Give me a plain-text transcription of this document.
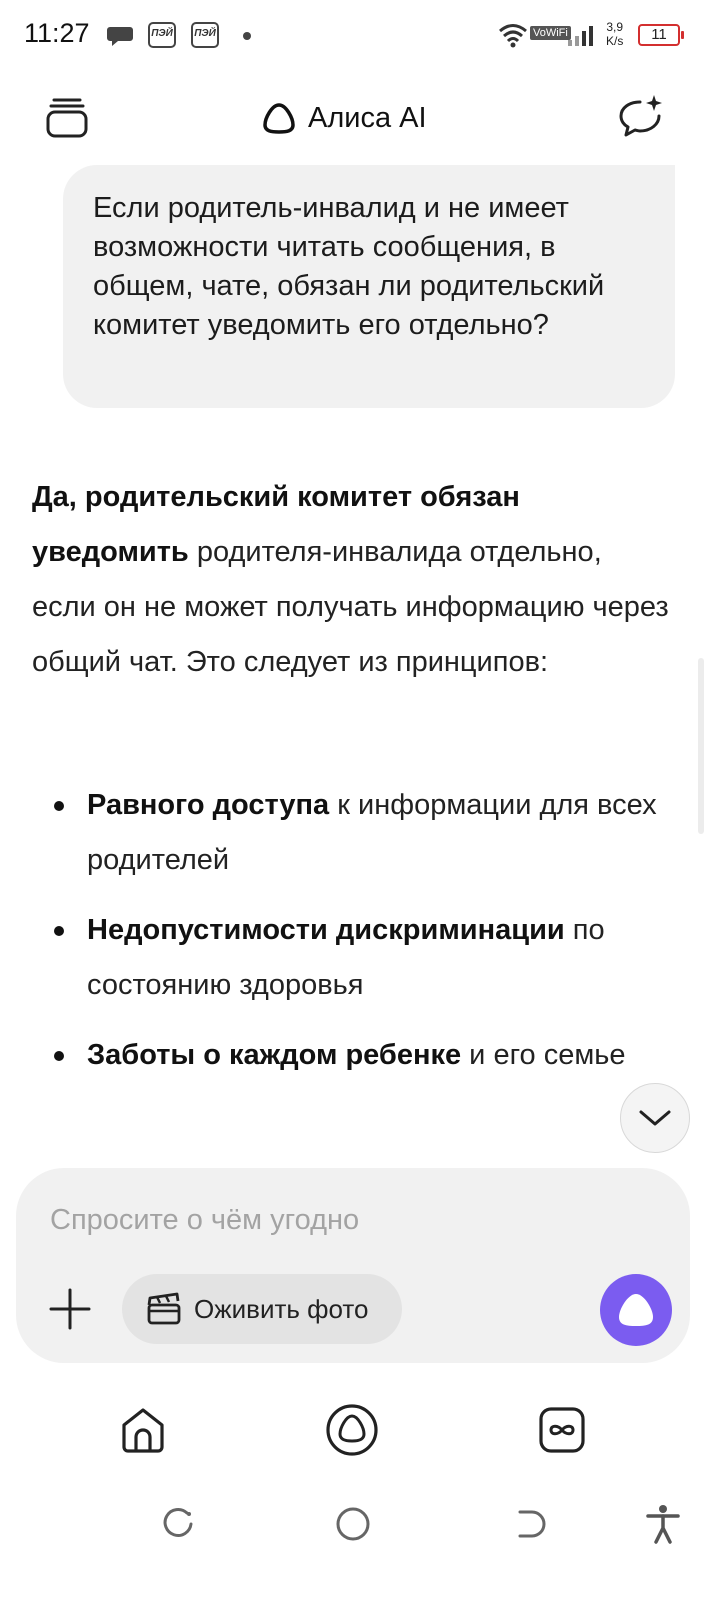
11:27	ПЭЙ	ПЭЙ	VoWiFi	3,9
K/s	11
Алиса AI

Если родитель-инвалид и не имеет возможности читать сообщения, в общем, чате, обязан ли родительский комитет уведомить его отдельно?

Да, родительский комитет обязан уведомить родителя-инвалида отдельно, если он не может получать информацию через общий чат. Это следует из принципов:

Равного доступа к информации для всех родителей
Недопустимости дискриминации по состоянию здоровья
Заботы о каждом ребенке и его семье
Спросите о чём угодно
Оживить фото
